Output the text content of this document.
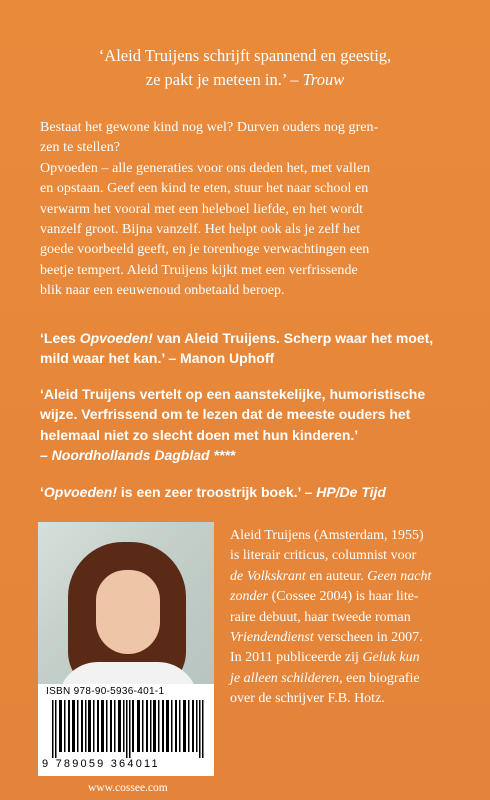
‘Aleid Truijens schrijft spannend en geestig,
ze pakt je meteen in.’ – Trouw

Bestaat het gewone kind nog wel? Durven ouders nog gren-

zen te stellen?

Opvoeden – alle generaties voor ons deden het, met vallen

en opstaan. Geef een kind te eten, stuur het naar school en

verwarm het vooral met een heleboel liefde, en het wordt

vanzelf groot. Bijna vanzelf. Het helpt ook als je zelf het

goede voorbeeld geeft, en je torenhoge verwachtingen een

beetje tempert. Aleid Truijens kijkt met een verfrissende

blik naar een eeuwenoud onbetaald beroep.

‘Lees Opvoeden! van Aleid Truijens. Scherp waar het moet,
mild waar het kan.’ – Manon Uphoff
‘Aleid Truijens vertelt op een aanstekelijke, humoristische
wijze. Verfrissend om te lezen dat de meeste ouders het
helemaal niet zo slecht doen met hun kinderen.’
– Noordhollands Dagblad ****
‘Opvoeden! is een zeer troostrijk boek.’ – HP/De Tijd
ISBN 978-90-5936-401-1
9 789059 364011
www.cossee.com
Aleid Truijens (Amsterdam, 1955)
is literair criticus, columnist voor
de Volkskrant en auteur. Geen nacht
zonder (Cossee 2004) is haar lite-
raire debuut, haar tweede roman
Vriendendienst verscheen in 2007.
In 2011 publiceerde zij Geluk kun
je alleen schilderen, een biografie
over de schrijver F.B. Hotz.
